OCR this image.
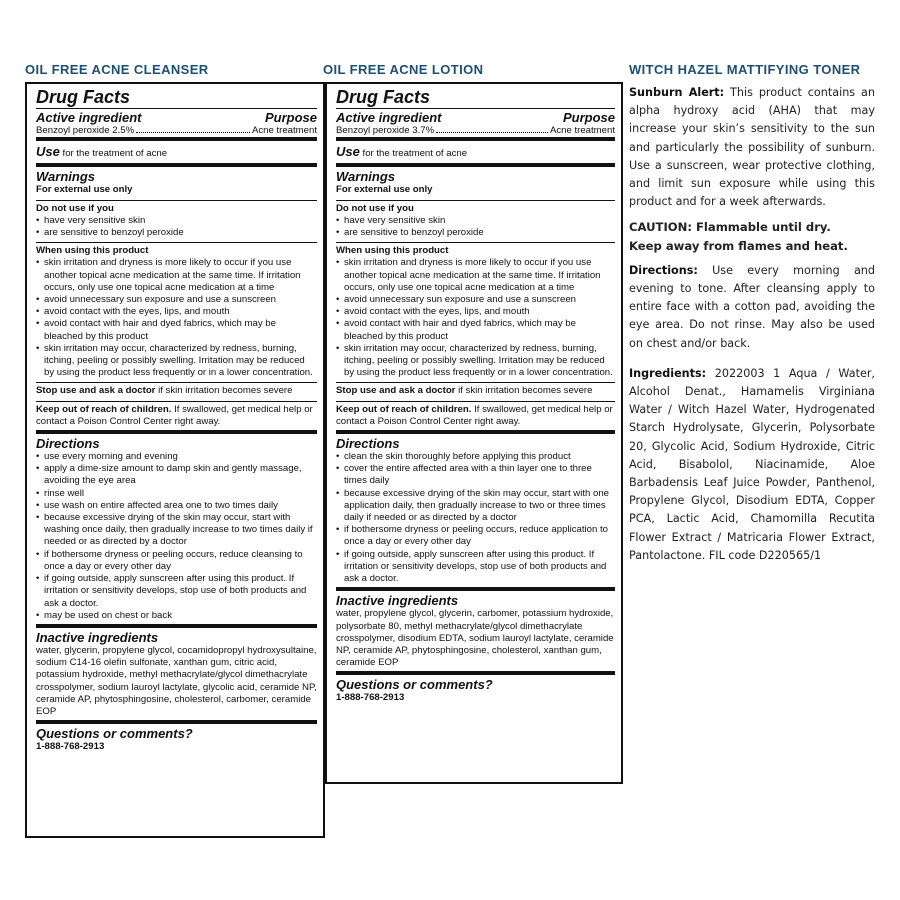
OIL FREE ACNE CLEANSER
Drug Facts
Active ingredient	Purpose
Benzoyl peroxide 2.5%	Acne treatment
Use for the treatment of acne
Warnings
For external use only
Do not use if you
• have very sensitive skin
• are sensitive to benzoyl peroxide
When using this product
• skin irritation and dryness is more likely to occur if you use another topical acne medication at the same time. If irritation occurs, only use one topical acne medication at a time
• avoid unnecessary sun exposure and use a sunscreen
• avoid contact with the eyes, lips, and mouth
• avoid contact with hair and dyed fabrics, which may be bleached by this product
• skin irritation may occur, characterized by redness, burning, itching, peeling or possibly swelling. Irritation may be reduced by using the product less frequently or in a lower concentration.
Stop use and ask a doctor if skin irritation becomes severe
Keep out of reach of children. If swallowed, get medical help or contact a Poison Control Center right away.
Directions
• use every morning and evening
• apply a dime-size amount to damp skin and gently massage, avoiding the eye area
• rinse well
• use wash on entire affected area one to two times daily
• because excessive drying of the skin may occur, start with washing once daily, then gradually increase to two times daily if needed or as directed by a doctor
• if bothersome dryness or peeling occurs, reduce cleansing to once a day or every other day
• if going outside, apply sunscreen after using this product. If irritation or sensitivity develops, stop use of both products and ask a doctor.
• may be used on chest or back
Inactive ingredients
water, glycerin, propylene glycol, cocamidopropyl hydroxysultaine, sodium C14-16 olefin sulfonate, xanthan gum, citric acid, potassium hydroxide, methyl methacrylate/glycol dimethacrylate crosspolymer, sodium lauroyl lactylate, glycolic acid, ceramide NP, ceramide AP, phytosphingosine, cholesterol, carbomer, ceramide EOP
Questions or comments?
1-888-768-2913
OIL FREE ACNE LOTION
Drug Facts
Active ingredient	Purpose
Benzoyl peroxide 3.7%	Acne treatment
Use for the treatment of acne
Warnings
For external use only
Do not use if you
• have very sensitive skin
• are sensitive to benzoyl peroxide
When using this product
• skin irritation and dryness is more likely to occur if you use another topical acne medication at the same time. If irritation occurs, only use one topical acne medication at a time
• avoid unnecessary sun exposure and use a sunscreen
• avoid contact with the eyes, lips, and mouth
• avoid contact with hair and dyed fabrics, which may be bleached by this product
• skin irritation may occur, characterized by redness, burning, itching, peeling or possibly swelling. Irritation may be reduced by using the product less frequently or in a lower concentration.
Stop use and ask a doctor if skin irritation becomes severe
Keep out of reach of children. If swallowed, get medical help or contact a Poison Control Center right away.
Directions
• clean the skin thoroughly before applying this product
• cover the entire affected area with a thin layer one to three times daily
• because excessive drying of the skin may occur, start with one application daily, then gradually increase to two or three times daily if needed or as directed by a doctor
• if bothersome dryness or peeling occurs, reduce application to once a day or every other day
• if going outside, apply sunscreen after using this product. If irritation or sensitivity develops, stop use of both products and ask a doctor.
Inactive ingredients
water, propylene glycol, glycerin, carbomer, potassium hydroxide, polysorbate 80, methyl methacrylate/glycol dimethacrylate crosspolymer, disodium EDTA, sodium lauroyl lactylate, ceramide NP, ceramide AP, phytosphingosine, cholesterol, xanthan gum, ceramide EOP
Questions or comments?
1-888-768-2913
WITCH HAZEL MATTIFYING TONER

Sunburn Alert: This product contains an alpha hydroxy acid (AHA) that may increase your skin’s sensitivity to the sun and particularly the possibility of sunburn. Use a sunscreen, wear protective clothing, and limit sun exposure while using this product and for a week afterwards.

CAUTION: Flammable until dry.
Keep away from flames and heat.

Directions: Use every morning and evening to tone. After cleansing apply to entire face with a cotton pad, avoiding the eye area. Do not rinse. May also be used on chest and/or back.

Ingredients: 2022003 1 Aqua / Water, Alcohol Denat., Hamamelis Virginiana Water / Witch Hazel Water, Hydrogenated Starch Hydrolysate, Glycerin, Polysorbate 20, Glycolic Acid, Sodium Hydroxide, Citric Acid, Bisabolol, Niacinamide, Aloe Barbadensis Leaf Juice Powder, Panthenol, Propylene Glycol, Disodium EDTA, Copper PCA, Lactic Acid, Chamomilla Recutita Flower Extract / Matricaria Flower Extract, Pantolactone. FIL code D220565/1
